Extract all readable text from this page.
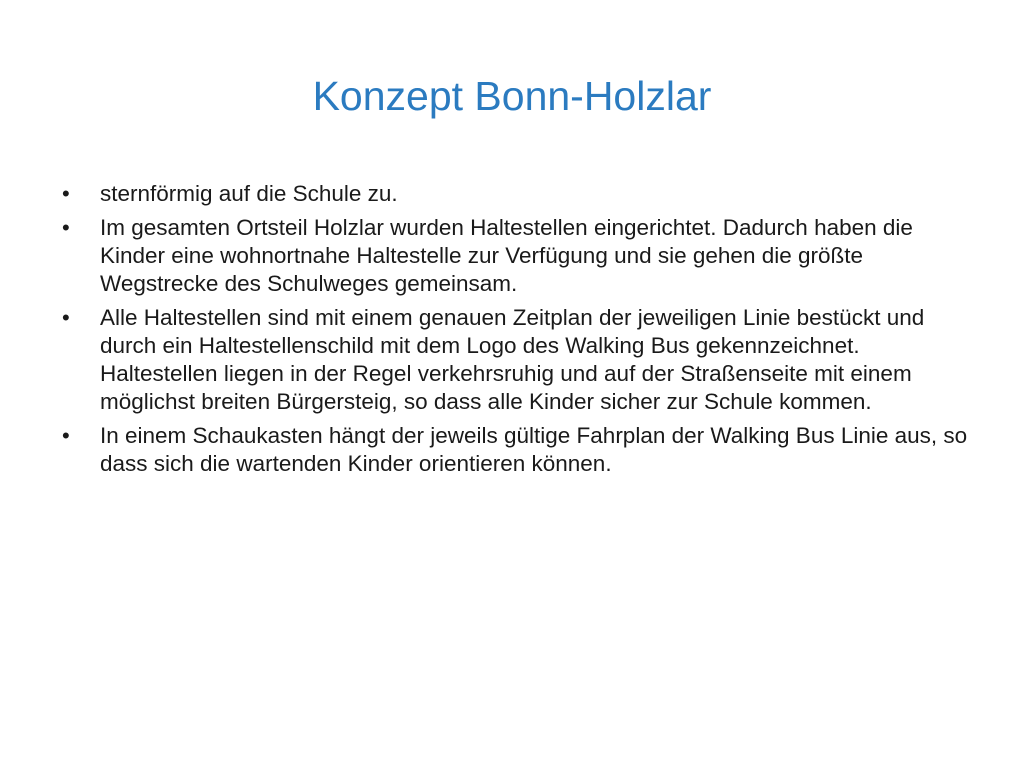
Konzept Bonn-Holzlar
•	sternförmig auf die Schule zu.
•	Im gesamten Ortsteil Holzlar wurden Haltestellen eingerichtet. Dadurch haben die Kinder eine wohnortnahe Haltestelle zur Verfügung und sie gehen die größte Wegstrecke des Schulweges gemeinsam.
•	Alle Haltestellen sind mit einem genauen Zeitplan der jeweiligen Linie bestückt und durch ein Haltestellenschild mit dem Logo des Walking Bus gekennzeichnet. Haltestellen liegen in der Regel verkehrsruhig und auf der Straßenseite mit einem möglichst breiten Bürgersteig, so dass alle Kinder sicher zur Schule kommen.
•	In einem Schaukasten hängt der jeweils gültige Fahrplan der Walking Bus Linie aus, so dass sich die wartenden Kinder orientieren können.
